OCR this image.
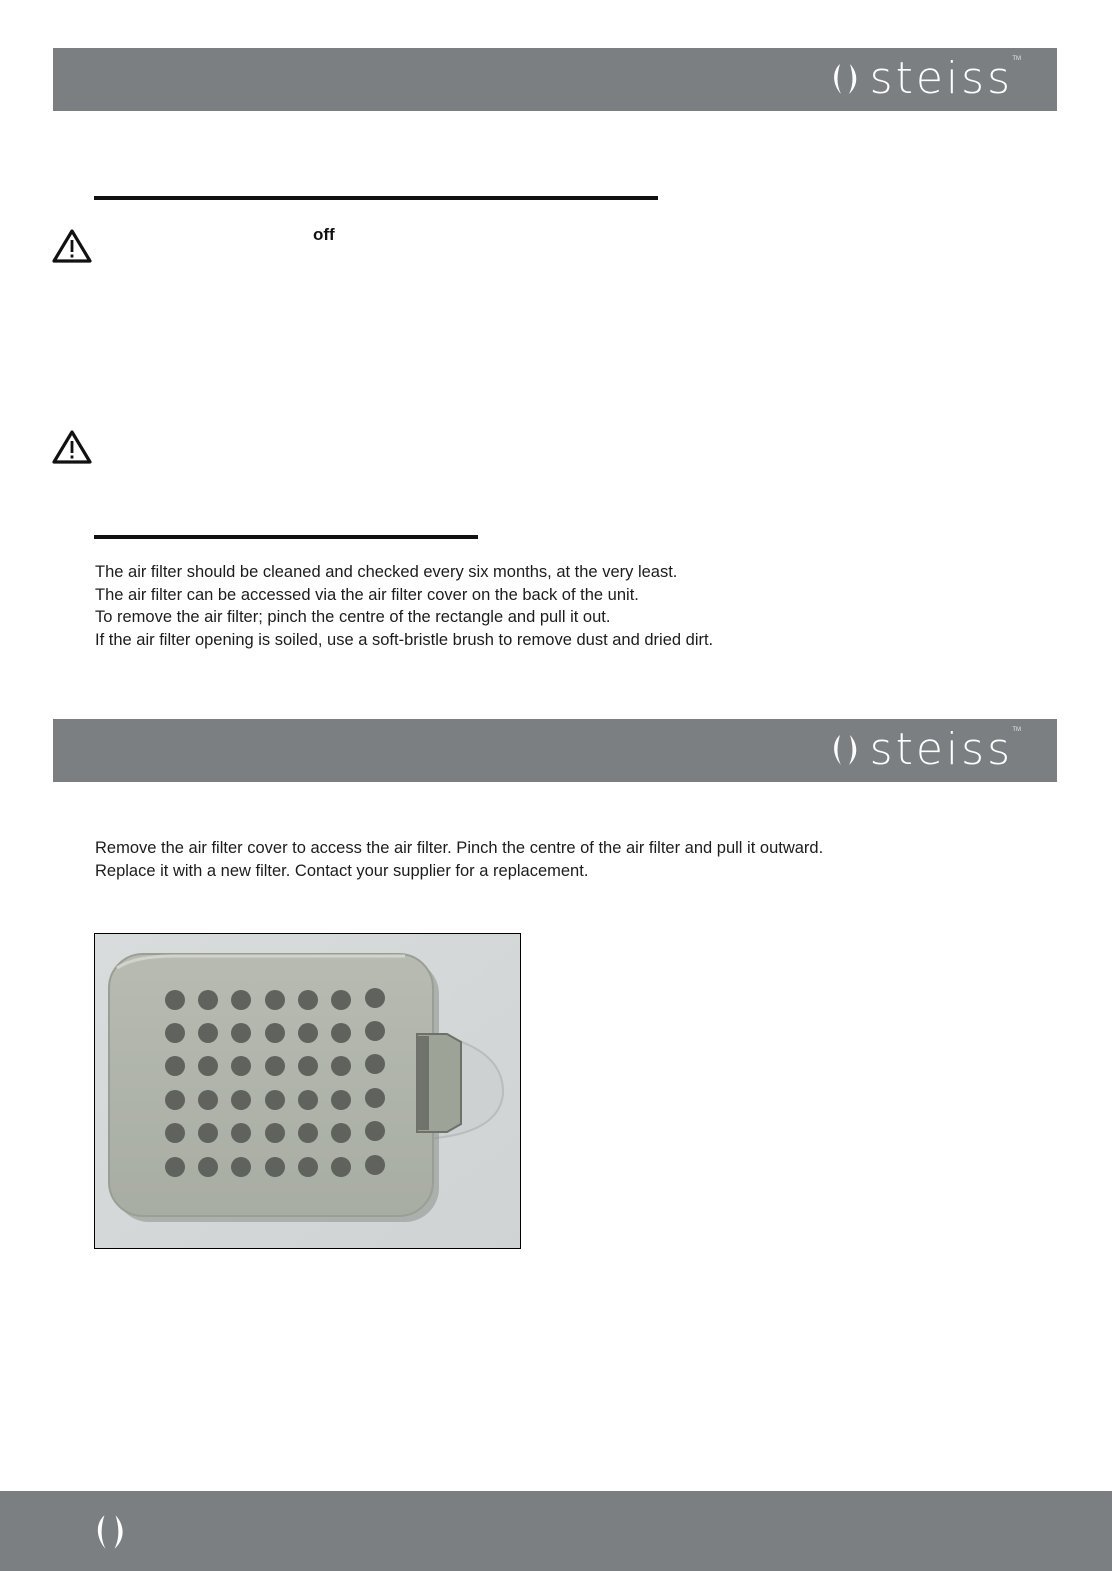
steiss TM
off
The air filter should be cleaned and checked every six months, at the very least.
The air filter can be accessed via the air filter cover on the back of the unit.
To remove the air filter; pinch the centre of the rectangle and pull it out.
If the air filter opening is soiled, use a soft-bristle brush to remove dust and dried dirt.
steiss TM
Remove the air filter cover to access the air filter. Pinch the centre of the air filter and pull it outward.
Replace it with a new filter. Contact your supplier for a replacement.
